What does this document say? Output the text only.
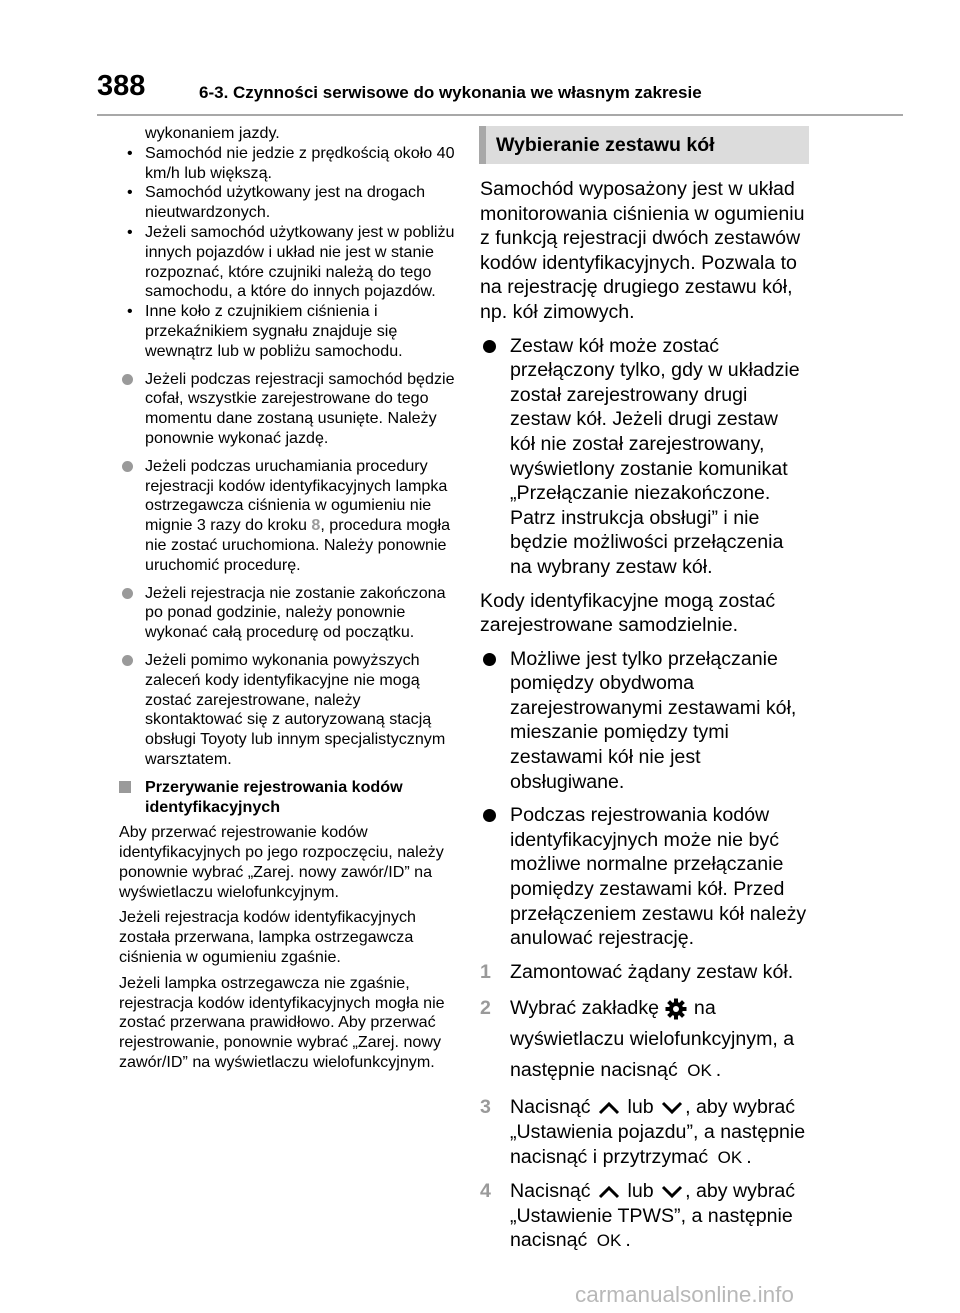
388	6-3. Czynności serwisowe do wykonania we własnym zakresie

wykonaniem jazdy.

• Samochód nie jedzie z prędkością około 40 km/h lub większą.
• Samochód użytkowany jest na drogach nieutwardzonych.
• Jeżeli samochód użytkowany jest w pobliżu innych pojazdów i układ nie jest w stanie rozpoznać, które czujniki należą do tego samochodu, a które do innych pojazdów.
• Inne koło z czujnikiem ciśnienia i przekaźnikiem sygnału znajduje się wewnątrz lub w pobliżu samochodu.
Jeżeli podczas rejestracji samochód będzie cofał, wszystkie zarejestrowane do tego momentu dane zostaną usunięte. Należy ponownie wykonać jazdę.
Jeżeli podczas uruchamiania procedury rejestracji kodów identyfikacyjnych lampka ostrzegawcza ciśnienia w ogumieniu nie mignie 3 razy do kroku 8, procedura mogła nie zostać uruchomiona. Należy ponownie uruchomić procedurę.
Jeżeli rejestracja nie zostanie zakończona po ponad godzinie, należy ponownie wykonać całą procedurę od początku.
Jeżeli pomimo wykonania powyższych zaleceń kody identyfikacyjne nie mogą zostać zarejestrowane, należy skontaktować się z autoryzowaną stacją obsługi Toyoty lub innym specjalistycznym warsztatem.
Przerywanie rejestrowania kodów identyfikacyjnych

Aby przerwać rejestrowanie kodów identyfikacyjnych po jego rozpoczęciu, należy ponownie wybrać „Zarej. nowy zawór/ID” na wyświetlaczu wielofunkcyjnym.

Jeżeli rejestracja kodów identyfikacyjnych została przerwana, lampka ostrzegawcza ciśnienia w ogumieniu zgaśnie.

Jeżeli lampka ostrzegawcza nie zgaśnie, rejestracja kodów identyfikacyjnych mogła nie zostać przerwana prawidłowo. Aby przerwać rejestrowanie, ponownie wybrać „Zarej. nowy zawór/ID” na wyświetlaczu wielofunkcyjnym.

Wybieranie zestawu kół

Samochód wyposażony jest w układ monitorowania ciśnienia w ogumieniu z funkcją rejestracji dwóch zestawów kodów identyfikacyjnych. Pozwala to na rejestrację drugiego zestawu kół, np. kół zimowych.

Zestaw kół może zostać przełączony tylko, gdy w układzie został zarejestrowany drugi zestaw kół. Jeżeli drugi zestaw kół nie został zarejestrowany, wyświetlony zostanie komunikat „Przełączanie niezakończone. Patrz instrukcja obsługi” i nie będzie możliwości przełączenia na wybrany zestaw kół.

Kody identyfikacyjne mogą zostać zarejestrowane samodzielnie.

Możliwe jest tylko przełączanie pomiędzy obydwoma zarejestrowanymi zestawami kół, mieszanie pomiędzy tymi zestawami kół nie jest obsługiwane.
Podczas rejestrowania kodów identyfikacyjnych może nie być możliwe normalne przełączanie pomiędzy zestawami kół. Przed przełączeniem zestawu kół należy anulować rejestrację.
1 Zamontować żądany zestaw kół.
2 Wybrać zakładkę na wyświetlaczu wielofunkcyjnym, a następnie nacisnąć OK .
3 Nacisnąć lub , aby wybrać „Ustawienia pojazdu”, a następnie nacisnąć i przytrzymać OK .
4 Nacisnąć lub , aby wybrać „Ustawienie TPWS”, a następnie nacisnąć OK .
carmanualsonline.info
